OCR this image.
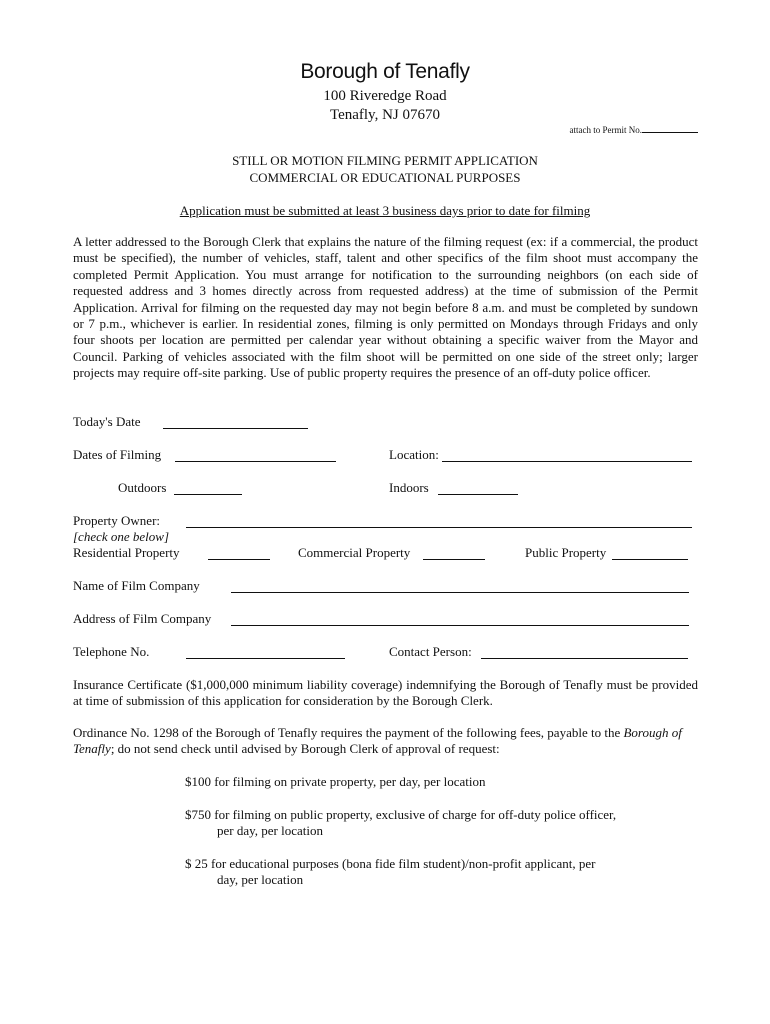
Borough of Tenafly
100 Riveredge Road
Tenafly, NJ 07670
attach to Permit No.
STILL OR MOTION FILMING PERMIT APPLICATION
COMMERCIAL OR EDUCATIONAL PURPOSES
Application must be submitted at least 3 business days prior to date for filming
A letter addressed to the Borough Clerk that explains the nature of the filming request (ex: if a commercial, the product must be specified), the number of vehicles, staff, talent and other specifics of the film shoot must accompany the completed Permit Application. You must arrange for notification to the surrounding neighbors (on each side of requested address and 3 homes directly across from requested address) at the time of submission of the Permit Application. Arrival for filming on the requested day may not begin before 8 a.m. and must be completed by sundown or 7 p.m., whichever is earlier. In residential zones, filming is only permitted on Mondays through Fridays and only four shoots per location are permitted per calendar year without obtaining a specific waiver from the Mayor and Council. Parking of vehicles associated with the film shoot will be permitted on one side of the street only; larger projects may require off-site parking. Use of public property requires the presence of an off-duty police officer.
Today's Date
Dates of Filming	Location:
Outdoors	Indoors
Property Owner:
[check one below]
Residential Property	Commercial Property	Public Property
Name of Film Company
Address of Film Company
Telephone No.	Contact Person:
Insurance Certificate ($1,000,000 minimum liability coverage) indemnifying the Borough of Tenafly must be provided at time of submission of this application for consideration by the Borough Clerk.
Ordinance No. 1298 of the Borough of Tenafly requires the payment of the following fees, payable to the Borough of Tenafly; do not send check until advised by Borough Clerk of approval of request:
$100 for filming on private property, per day, per location
$750 for filming on public property, exclusive of charge for off-duty police officer,
per day, per location
$ 25 for educational purposes (bona fide film student)/non-profit applicant, per
day, per location
